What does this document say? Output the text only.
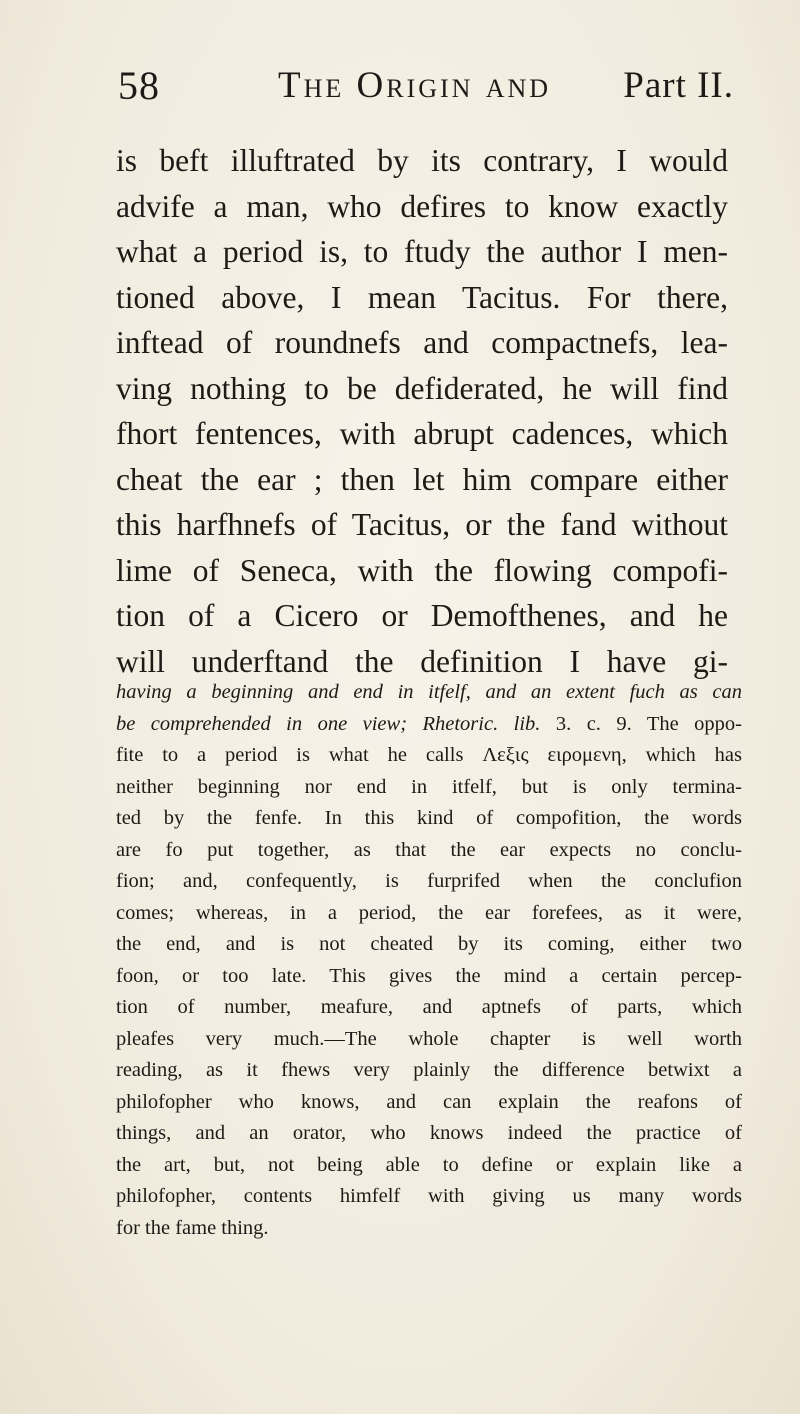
58	The Origin and Part II.
is beft illuftrated by its contrary, I would
advife a man, who defires to know exactly
what a period is, to ftudy the author I men-
tioned above, I mean Tacitus. For there,
inftead of roundnefs and compactnefs, lea-
ving nothing to be defiderated, he will find
fhort fentences, with abrupt cadences, which
cheat the ear ; then let him compare either
this harfhnefs of Tacitus, or the fand without
lime of Seneca, with the flowing compofi-
tion of a Cicero or Demofthenes, and he
will underftand the definition I have gi-
having a beginning and end in itfelf, and an extent fuch as can
be comprehended in one view; Rhetoric. lib. 3. c. 9. The oppo-
fite to a period is what he calls Λεξις ειρομενη, which has
neither beginning nor end in itfelf, but is only termina-
ted by the fenfe. In this kind of compofition, the words
are fo put together, as that the ear expects no conclu-
fion; and, confequently, is furprifed when the conclufion
comes; whereas, in a period, the ear forefees, as it were,
the end, and is not cheated by its coming, either two
foon, or too late. This gives the mind a certain percep-
tion of number, meafure, and aptnefs of parts, which
pleafes very much.—The whole chapter is well worth
reading, as it fhews very plainly the difference betwixt a
philofopher who knows, and can explain the reafons of
things, and an orator, who knows indeed the practice of
the art, but, not being able to define or explain like a
philofopher, contents himfelf with giving us many words
for the fame thing.
